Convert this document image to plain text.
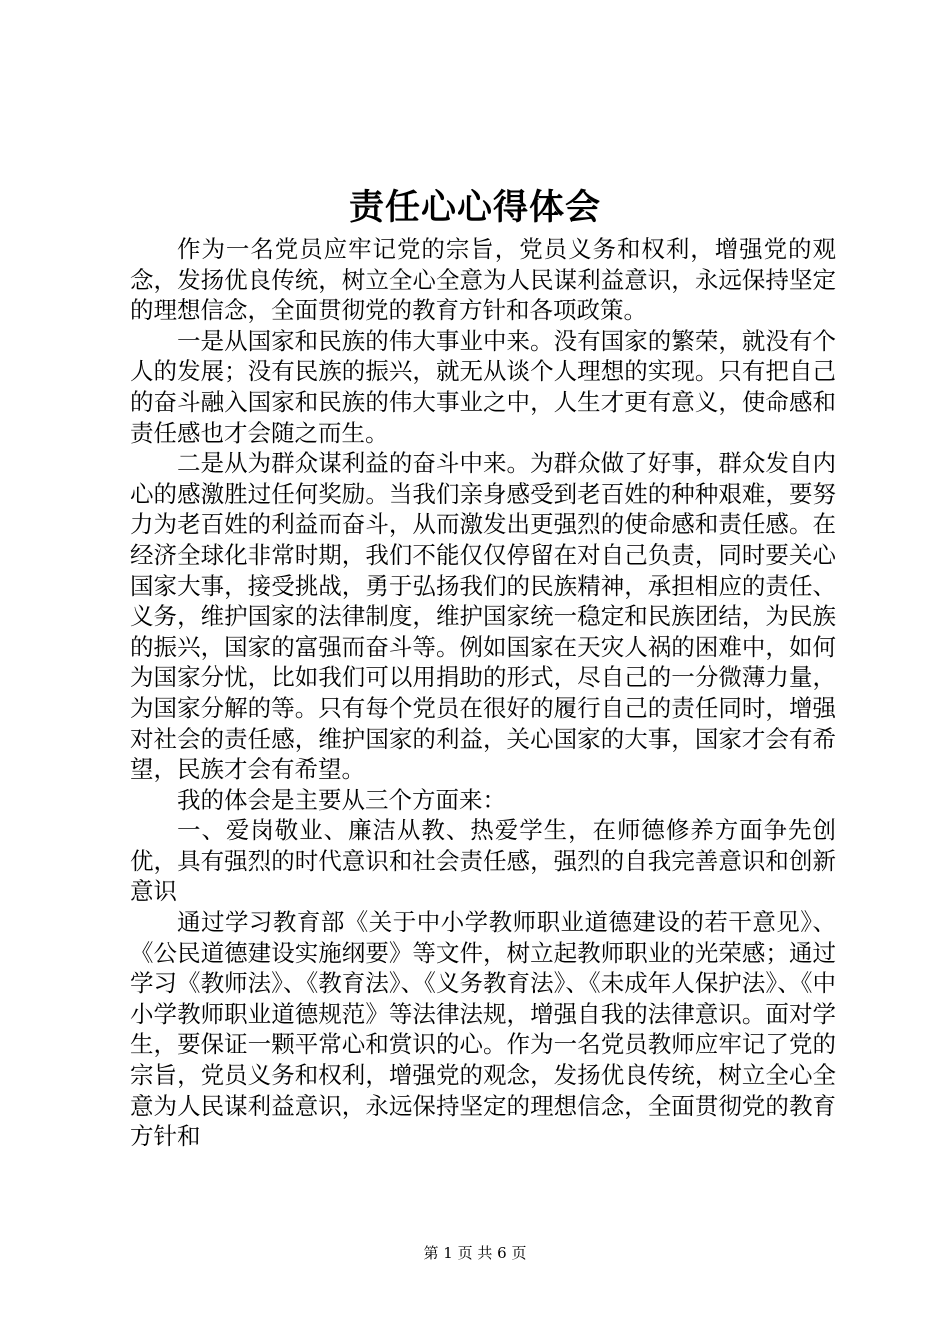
责任心心得体会

作为一名党员应牢记党的宗旨，党员义务和权利，增强党的观念，发扬优良传统，树立全心全意为人民谋利益意识，永远保持坚定的理想信念，全面贯彻党的教育方针和各项政策。

一是从国家和民族的伟大事业中来。没有国家的繁荣，就没有个人的发展；没有民族的振兴，就无从谈个人理想的实现。只有把自己的奋斗融入国家和民族的伟大事业之中，人生才更有意义，使命感和责任感也才会随之而生。

二是从为群众谋利益的奋斗中来。为群众做了好事，群众发自内心的感激胜过任何奖励。当我们亲身感受到老百姓的种种艰难，要努力为老百姓的利益而奋斗，从而激发出更强烈的使命感和责任感。在经济全球化非常时期，我们不能仅仅停留在对自己负责，同时要关心国家大事，接受挑战，勇于弘扬我们的民族精神，承担相应的责任、义务，维护国家的法律制度，维护国家统一稳定和民族团结，为民族的振兴，国家的富强而奋斗等。例如国家在天灾人祸的困难中，如何为国家分忧，比如我们可以用捐助的形式，尽自己的一分微薄力量，为国家分解的等。只有每个党员在很好的履行自己的责任同时，增强对社会的责任感，维护国家的利益，关心国家的大事，国家才会有希望，民族才会有希望。

我的体会是主要从三个方面来：

一、爱岗敬业、廉洁从教、热爱学生，在师德修养方面争先创优，具有强烈的时代意识和社会责任感，强烈的自我完善意识和创新意识

通过学习教育部《关于中小学教师职业道德建设的若干意见》、《公民道德建设实施纲要》等文件，树立起教师职业的光荣感；通过学习《教师法》、《教育法》、《义务教育法》、《未成年人保护法》、《中小学教师职业道德规范》等法律法规，增强自我的法律意识。面对学生，要保证一颗平常心和赏识的心。作为一名党员教师应牢记了党的宗旨，党员义务和权利，增强党的观念，发扬优良传统，树立全心全意为人民谋利益意识，永远保持坚定的理想信念，全面贯彻党的教育方针和

第 1 页 共 6 页
